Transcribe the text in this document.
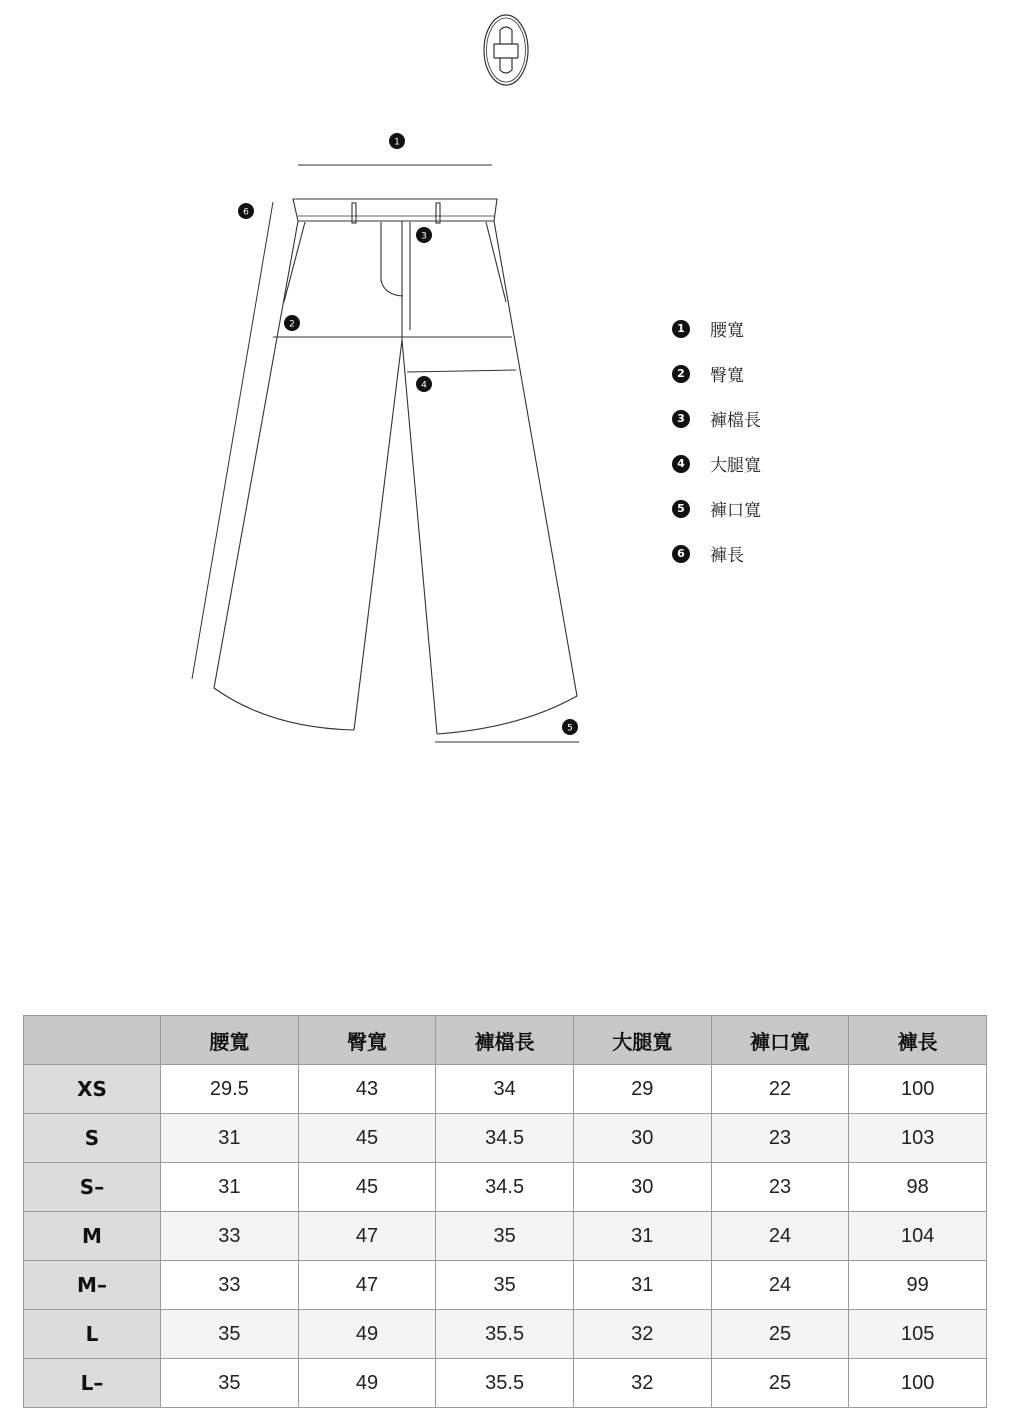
1
2
3
4
5
6
1	腰寬
2	臀寬
3	褲檔長
4	大腿寬
5	褲口寬
6	褲長
	腰寬	臀寬	褲檔長	大腿寬	褲口寬	褲長
XS	29.5	43	34	29	22	100
S	31	45	34.5	30	23	103
S–	31	45	34.5	30	23	98
M	33	47	35	31	24	104
M–	33	47	35	31	24	99
L	35	49	35.5	32	25	105
L–	35	49	35.5	32	25	100
